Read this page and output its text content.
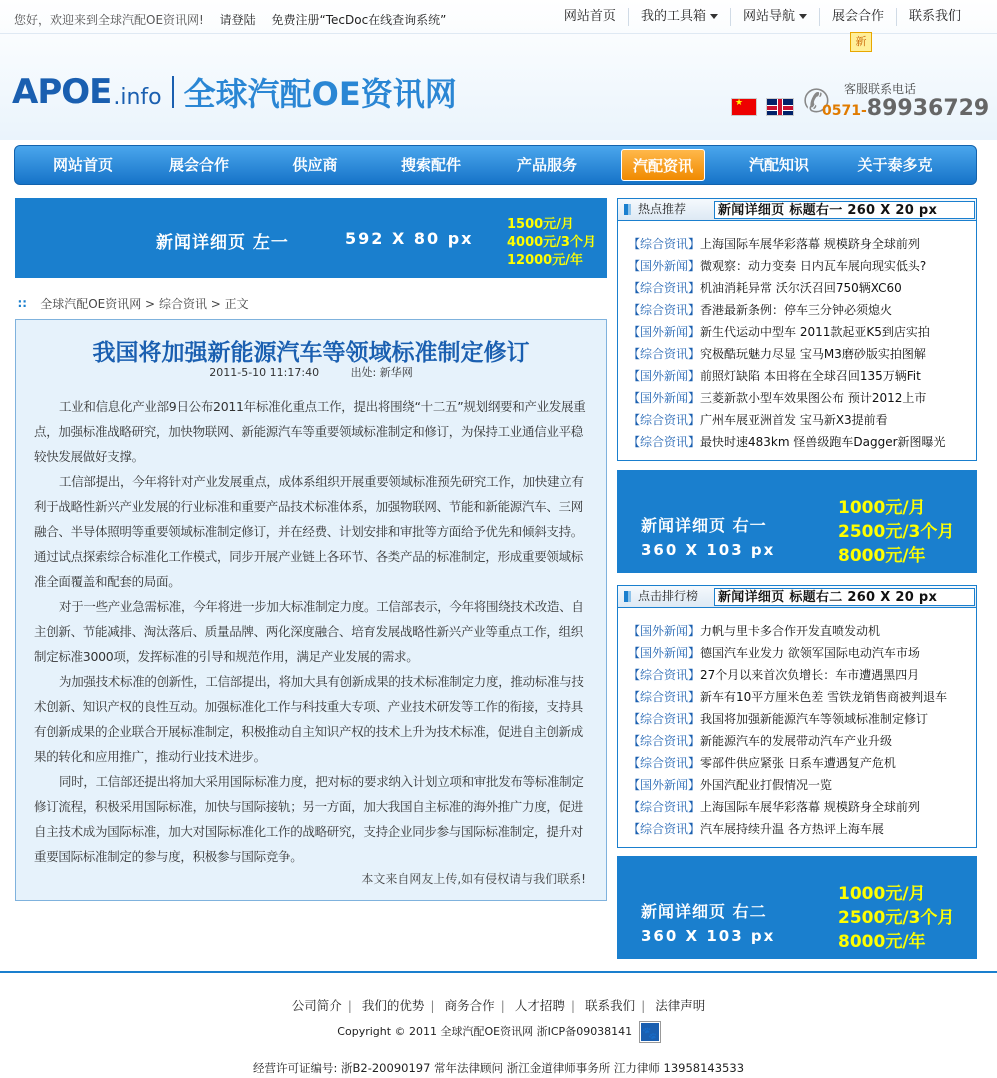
您好，欢迎来到全球汽配OE资讯网! 请登陆 免费注册“TecDoc在线查询系统”	网站首页	我的工具箱	网站导航	展会合作	联系我们
新
APOE .info 全球汽配OE资讯网
★	✆ 客服联系电话
0571-89936729
网站首页	展会合作	供应商	搜索配件	产品服务	汽配资讯	汽配知识	关于泰多克
新闻详细页 左一	592 X 80 px
1500元/月
4000元/3个月
12000元/年
∷ 全球汽配OE资讯网 > 综合资讯 > 正文
我国将加强新能源汽车等领域标准制定修订
2011-5-10 11:17:40	出处: 新华网

工业和信息化产业部9日公布2011年标准化重点工作，提出将围绕“十二五”规划纲要和产业发展重点，加强标准战略研究，加快物联网、新能源汽车等重要领域标准制定和修订，为保持工业通信业平稳较快发展做好支撑。

工信部提出，今年将针对产业发展重点，成体系组织开展重要领域标准预先研究工作，加快建立有利于战略性新兴产业发展的行业标准和重要产品技术标准体系，加强物联网、节能和新能源汽车、三网融合、半导体照明等重要领域标准制定修订，并在经费、计划安排和审批等方面给予优先和倾斜支持。通过试点探索综合标准化工作模式，同步开展产业链上各环节、各类产品的标准制定，形成重要领域标准全面覆盖和配套的局面。

对于一些产业急需标准，今年将进一步加大标准制定力度。工信部表示，今年将围绕技术改造、自主创新、节能减排、淘汰落后、质量品牌、两化深度融合、培育发展战略性新兴产业等重点工作，组织制定标准3000项，发挥标准的引导和规范作用，满足产业发展的需求。

为加强技术标准的创新性，工信部提出，将加大具有创新成果的技术标准制定力度，推动标准与技术创新、知识产权的良性互动。加强标准化工作与科技重大专项、产业技术研发等工作的衔接，支持具有创新成果的企业联合开展标准制定，积极推动自主知识产权的技术上升为技术标准，促进自主创新成果的转化和应用推广，推动行业技术进步。

同时，工信部还提出将加大采用国际标准力度，把对标的要求纳入计划立项和审批发布等标准制定修订流程，积极采用国际标准，加快与国际接轨；另一方面，加大我国自主标准的海外推广力度，促进自主技术成为国际标准，加大对国际标准化工作的战略研究，支持企业同步参与国际标准制定，提升对重要国际标准制定的参与度，积极参与国际竞争。

本文来自网友上传,如有侵权请与我们联系!
热点推荐	新闻详细页 标题右一 260 X 20 px
【综合资讯】上海国际车展华彩落幕 规模跻身全球前列
【国外新闻】微观察：动力变奏 日内瓦车展向现实低头?
【综合资讯】机油消耗异常 沃尔沃召回750辆XC60
【综合资讯】香港最新条例：停车三分钟必须熄火
【国外新闻】新生代运动中型车 2011款起亚K5到店实拍
【综合资讯】究极酷玩魅力尽显 宝马M3磨砂版实拍图解
【国外新闻】前照灯缺陷 本田将在全球召回135万辆Fit
【国外新闻】三菱新款小型车效果图公布 预计2012上市
【综合资讯】广州车展亚洲首发 宝马新X3提前看
【综合资讯】最快时速483km 怪兽级跑车Dagger新图曝光
新闻详细页 右一
360 X 103 px
1000元/月
2500元/3个月
8000元/年
点击排行榜	新闻详细页 标题右二 260 X 20 px
【国外新闻】力帆与里卡多合作开发直喷发动机
【国外新闻】德国汽车业发力 欲领军国际电动汽车市场
【综合资讯】27个月以来首次负增长：车市遭遇黑四月
【综合资讯】新车有10平方厘米色差 雪铁龙销售商被判退车
【综合资讯】我国将加强新能源汽车等领域标准制定修订
【综合资讯】新能源汽车的发展带动汽车产业升级
【综合资讯】零部件供应紧张 日系车遭遇复产危机
【国外新闻】外国汽配业打假情况一览
【综合资讯】上海国际车展华彩落幕 规模跻身全球前列
【综合资讯】汽车展持续升温 各方热评上海车展
新闻详细页 右二
360 X 103 px
1000元/月
2500元/3个月
8000元/年
公司简介 | 我们的优势 | 商务合作 | 人才招聘 | 联系我们 | 法律声明
Copyright © 2011 全球汽配OE资讯网 浙ICP备09038141 🐾
经营许可证编号: 浙B2-20090197 常年法律顾问 浙江金道律师事务所 江力律师 13958143533
